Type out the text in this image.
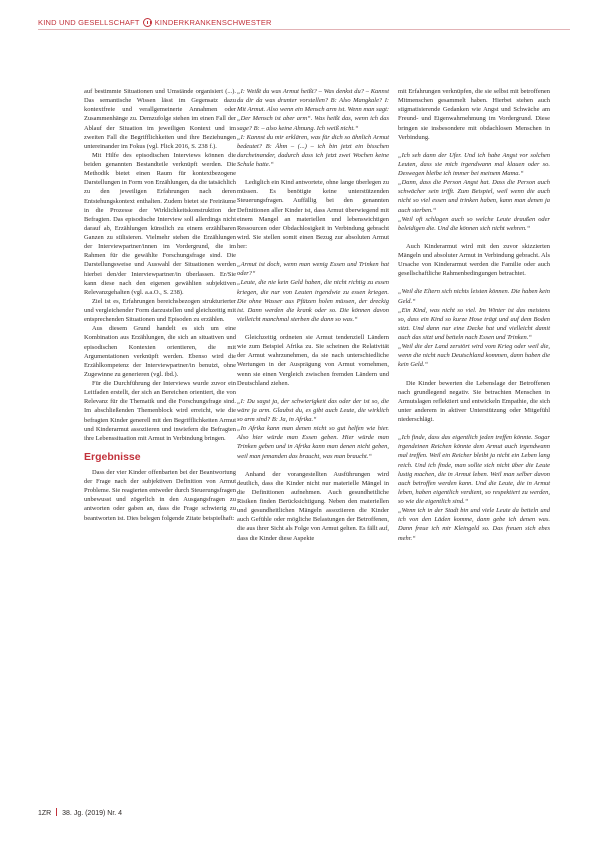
KIND UND GESELLSCHAFT KINDERKRANKENSCHWESTER

auf bestimmte Situationen und Umstände organisiert (...). Das semantische Wissen lässt im Gegensatz dazu kontextfreie und verallgemeinerte Annahmen oder Zusammenhänge zu. Demzufolge stehen im einen Fall der Ablauf der Situation im jeweiligen Kontext und im zweiten Fall die Begrifflichkeiten und ihre Beziehungen untereinander im Fokus (vgl. Flick 2016, S. 238 f.).

Mit Hilfe des episodischen Interviews können die beiden genannten Bestandteile verknüpft werden. Die Methodik bietet einen Raum für kontextbezogene Darstellungen in Form von Erzählungen, da die tatsächlich zu den jeweiligen Erfahrungen nach deren Entstehungskontext enthalten. Zudem bietet sie Freiräume in die Prozesse der Wirklichkeitskonstruktion der Befragten. Das episodische Interview soll allerdings nicht darauf ab, Erzählungen künstlich zu einem erzählbaren Ganzen zu stilisieren. Vielmehr stehen die Erzählungen der Interviewpartner/innen im Vordergrund, die im Rahmen für die gewählte Forschungsfrage sind. Die Darstellungsweise und Auswahl der Situationen werden hierbei den/der Interviewpartner/in überlassen. Er/Sie kann diese nach den eigenen gewählten subjektiven Relevanzgehalten (vgl. a.a.O., S. 238).

Ziel ist es, Erfahrungen bereichsbezogen strukturierter und vergleichender Form darzustellen und gleichzeitig mit entsprechenden Situationen und Episoden zu erzählen.

Aus diesem Grund handelt es sich um eine Kombination aus Erzählungen, die sich an situativen und episodischen Kontexten orientieren, die mit Argumentationen verknüpft werden. Ebenso wird die Erzählkompetenz der Interviewpartner/in benutzt, ohne Zugewinne zu generieren (vgl. ibd.).

Für die Durchführung der Interviews wurde zuvor ein Leitfaden erstellt, der sich an Bereichen orientiert, die von Relevanz für die Thematik und die Forschungsfrage sind. Im abschließenden Themenblock wird erreicht, wie die befragten Kinder generell mit den Begrifflichkeiten Armut und Kinderarmut assoziieren und inwiefern die Befragten ihre Lebenssituation mit Armut in Verbindung bringen.

Ergebnisse

Dass der vier Kinder offenbarten bei der Beantwortung der Frage nach der subjektiven Definition von Armut Probleme. Sie reagierten entweder durch Steuerungsfragen unbewusst und zögerlich in den Ausgangsfragen zu antworten oder gaben an, dass die Frage schwierig zu beantworten ist. Dies belegen folgende Zitate beispielhaft:

„I: Weißt du was Armut heißt? – Was denkst du? – Kannst du dir da was drunter vorstellen? B: Also Mangkale? I: Mit Armut. Also wenn ein Mensch arm ist. Wenn man sagt: „Der Mensch ist aber arm“. Was heißt das, wenn ich das sage? B: – also keine Ahnung. Ich weiß nicht.“

„I: Kannst du mir erklären, was für dich so ähnlich Armut bedeutet? B: Ähm – (...) – ich bin jetzt ein bisschen durcheinander, dadurch dass ich jetzt zwei Wochen keine Schule hatte.“

Lediglich ein Kind antwortete, ohne lange überlegen zu müssen. Es benötigte keine unterstützenden Steuerungsfragen. Auffällig bei den genannten Definitionen aller Kinder ist, dass Armut überwiegend mit einem Mangel an materiellen und lebenswichtigen Ressourcen oder Obdachlosigkeit in Verbindung gebracht wird. Sie stellen somit einen Bezug zur absoluten Armut her:

„Armut ist doch, wenn man wenig Essen und Trinken hat oder?“

„Leute, die nie kein Geld haben, die nicht richtig zu essen kriegen, die nur von Leuten irgendwie zu essen kriegen. Die ohne Wasser aus Pfützen holen müssen, der dreckig ist. Dann werden die krank oder so. Die können davon vielleicht manchmal sterben die dann so was.“

Gleichzeitig ordneten sie Armut tendenziell Ländern wie zum Beispiel Afrika zu. Sie scheinen die Relativität der Armut wahrzunehmen, da sie nach unterschiedliche Wertungen in der Ausprägung von Armut vornehmen, wenn sie einen Vergleich zwischen fremden Ländern und Deutschland ziehen.

„I: Du sagst ja, der schwierigkeit das oder der ist so, die wäre ja arm. Glaubst du, es gibt auch Leute, die wirklich so arm sind? B: Ja, in Afrika.“

„In Afrika kann man denen nicht so gut helfen wie hier. Also hier würde man Essen geben. Hier würde man Trinken geben und in Afrika kann man denen nicht geben, weil man jemanden das braucht, was man braucht.“

Anhand der vorangestellten Ausführungen wird deutlich, dass die Kinder nicht nur materielle Mängel in die Definitionen aufnehmen. Auch gesundheitliche Risiken finden Berücksichtigung. Neben den materiellen und gesundheitlichen Mängeln assoziieren die Kinder auch Gefühle oder mögliche Belastungen der Betroffenen, die aus ihrer Sicht als Folge von Armut gelten. Es fällt auf, dass die Kinder diese Aspekte

mit Erfahrungen verknüpfen, die sie selbst mit betroffenen Mitmenschen gesammelt haben. Hierbei stehen auch stigmatisierende Gedanken wie Angst und Schwäche am Freund- und Eigenwahrnehmung im Vordergrund. Diese bringen sie insbesondere mit obdachlosen Menschen in Verbindung.

„Ich seh dann der Ufer. Und ich habe Angst vor solchen Leuten, dass sie mich irgendwann mal klauen oder so. Deswegen bleibe ich immer bei meinem Mama.“

„Dann, dass die Person Angst hat. Dass die Person auch schwächer sein trifft. Zum Beispiel, weil wenn die auch nicht so viel essen und trinken haben, kann man denen ja auch sterben.“

„Weil oft schlagen auch so welche Leute draußen oder beleidigen die. Und die können sich nicht wehren.“

Auch Kinderarmut wird mit den zuvor skizzierten Mängeln und absoluter Armut in Verbindung gebracht. Als Ursache von Kinderarmut werden die Familie oder auch gesellschaftliche Rahmenbedingungen betrachtet.

„Weil die Eltern sich nichts leisten können. Die haben kein Geld.“

„Ein Kind, was nicht so viel. Im Winter ist das meistens so, dass ein Kind so kurze Hose trägt und auf dem Boden sitzt. Und dann nur eine Decke hat und vielleicht damit auch das sitzt und betteln nach Essen und Trinken.“

„Weil die der Land zerstört wird vom Krieg oder weil die, wenn die nicht nach Deutschland kommen, dann haben die kein Geld.“

Die Kinder bewerten die Lebenslage der Betroffenen nach grundlegend negativ. Sie betrachten Menschen in Armutslagen reflektiert und entwickeln Empathie, die sich unter anderem in aktiver Unterstützung oder Mitgefühl niederschlägt.

„Ich finde, dass das eigentlich jeden treffen könnte. Sogar irgendeinen Reichen könnte dem Armut auch irgendwann mal treffen. Weil ein Reicher bleibt ja nicht ein Leben lang reich. Und ich finde, man sollte sich nicht über die Leute lustig machen, die in Armut leben. Weil man selber davon auch betroffen werden kann. Und die Leute, die in Armut leben, haben eigentlich verdient, so respektiert zu werden, so wie die eigentlich sind.“

„Wenn ich in der Stadt bin und viele Leute da betteln und ich von den Läden komme, dann gebe ich denen was. Dann freue ich mir Kleingeld so. Das freuen sich ebes mehr.“

1ZR 38. Jg. (2019) Nr. 4
